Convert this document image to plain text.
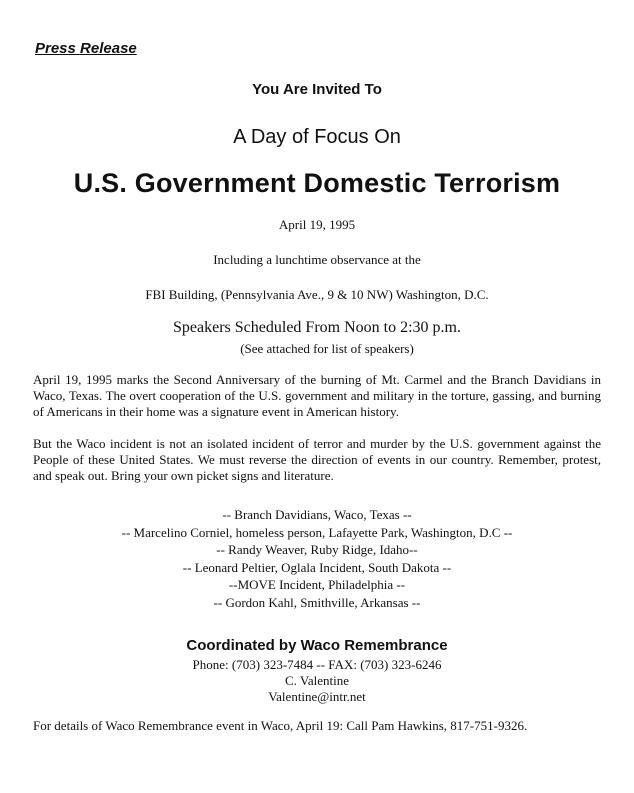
Press Release
You Are Invited To
A Day of Focus On
U.S. Government Domestic Terrorism
April 19, 1995
Including a lunchtime observance at the
FBI Building, (Pennsylvania Ave., 9 & 10 NW) Washington, D.C.
Speakers Scheduled From Noon to 2:30 p.m.
(See attached for list of speakers)
April 19, 1995 marks the Second Anniversary of the burning of Mt. Carmel and the Branch Davidians in Waco, Texas. The overt cooperation of the U.S. government and military in the torture, gassing, and burning of Americans in their home was a signature event in American history.
But the Waco incident is not an isolated incident of terror and murder by the U.S. government against the People of these United States. We must reverse the direction of events in our country. Remember, protest, and speak out. Bring your own picket signs and literature.
-- Branch Davidians, Waco, Texas --
-- Marcelino Corniel, homeless person, Lafayette Park, Washington, D.C --
-- Randy Weaver, Ruby Ridge, Idaho--
-- Leonard Peltier, Oglala Incident, South Dakota --
--MOVE Incident, Philadelphia --
-- Gordon Kahl, Smithville, Arkansas --
Coordinated by Waco Remembrance
Phone: (703) 323-7484 -- FAX: (703) 323-6246
C. Valentine
Valentine@intr.net
For details of Waco Remembrance event in Waco, April 19: Call Pam Hawkins, 817-751-9326.
